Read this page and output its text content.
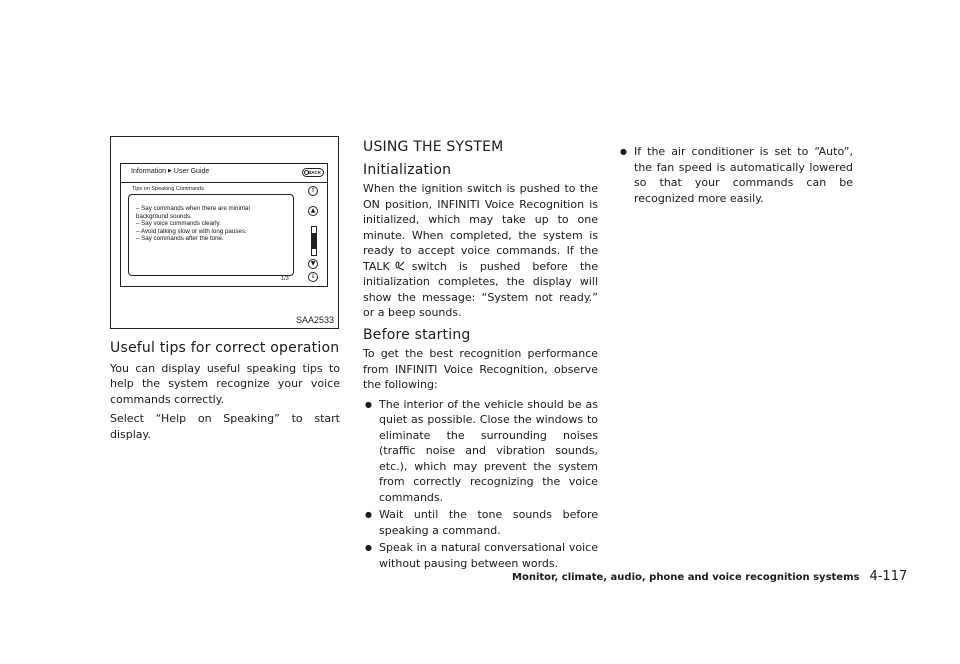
Information ▶ User Guide	BACK
Tips on Speaking Commands
– Say commands when there are minimal
background sounds.
– Say voice commands clearly.
– Avoid talking slow or with long pauses.
– Say commands after the tone.
1/3
⇑
▲
▼
⇓
SAA2533
Useful tips for correct operation

You can display useful speaking tips to help the system recognize your voice commands correctly.

Select “Help on Speaking” to start display.

USING THE SYSTEM
Initialization

When the ignition switch is pushed to the ON position, INFINITI Voice Recognition is initialized, which may take up to one minute. When completed, the system is ready to accept voice commands. If the TALK switch is pushed before the initialization completes, the display will show the message: “System not ready.” or a beep sounds.

Before starting

To get the best recognition performance from INFINITI Voice Recognition, observe the following:

● The interior of the vehicle should be as quiet as possible. Close the windows to eliminate the surrounding noises (traffic noise and vibration sounds, etc.), which may prevent the system from correctly recognizing the voice commands.
● Wait until the tone sounds before speaking a command.
● Speak in a natural conversational voice without pausing between words.
● If the air conditioner is set to “Auto”, the fan speed is automatically lowered so that your commands can be recognized more easily.
Monitor, climate, audio, phone and voice recognition systems 4-117
